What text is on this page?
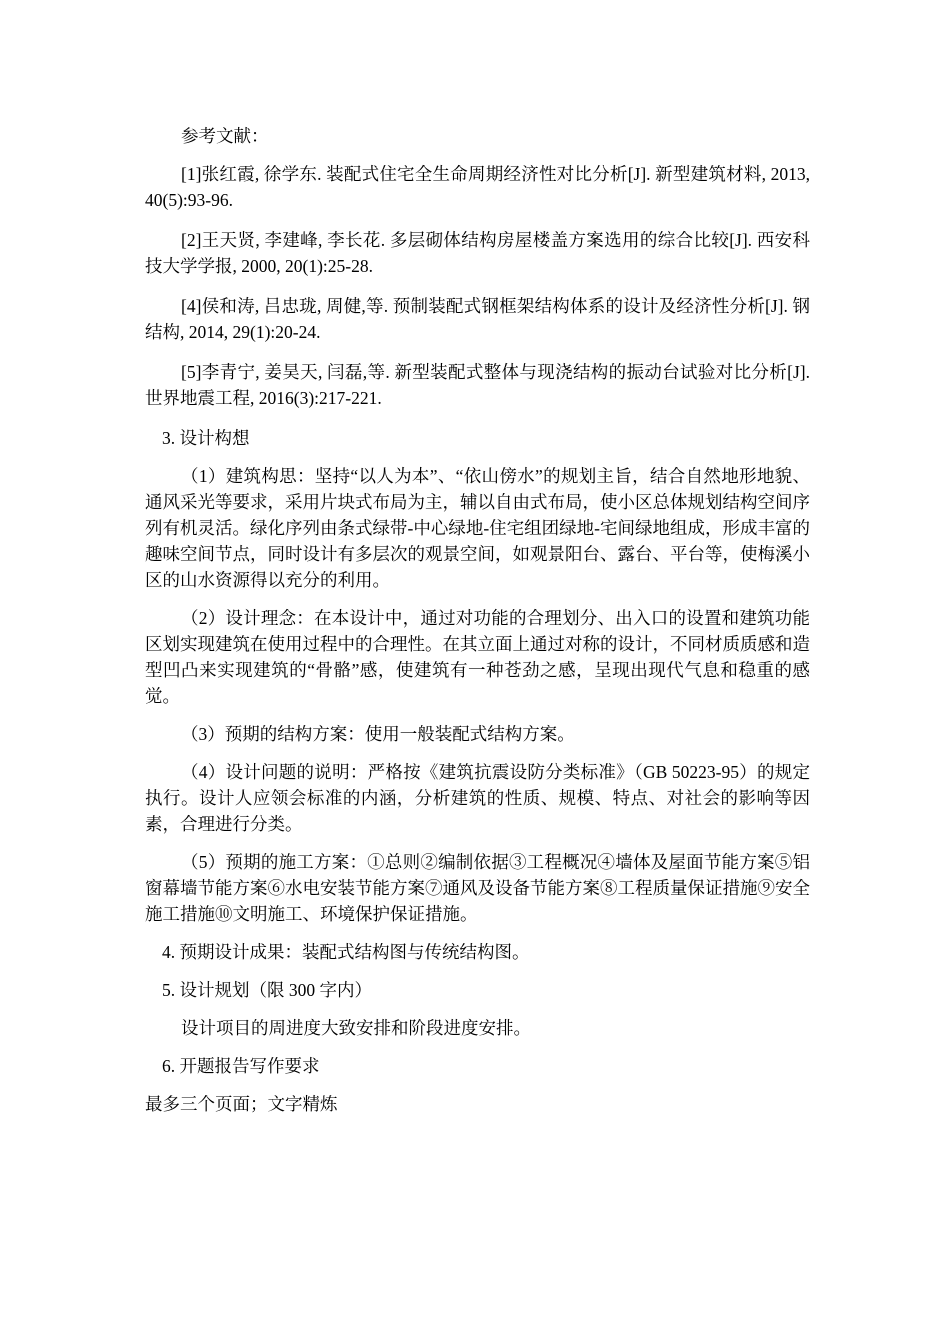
参考文献：

[1]张红霞, 徐学东. 装配式住宅全生命周期经济性对比分析[J]. 新型建筑材料, 2013, 40(5):93-96.

[2]王天贤, 李建峰, 李长花. 多层砌体结构房屋楼盖方案选用的综合比较[J]. 西安科技大学学报, 2000, 20(1):25-28.

[4]侯和涛, 吕忠珑, 周健,等. 预制装配式钢框架结构体系的设计及经济性分析[J]. 钢结构, 2014, 29(1):20-24.

[5]李青宁, 姜昊天, 闫磊,等. 新型装配式整体与现浇结构的振动台试验对比分析[J]. 世界地震工程, 2016(3):217-221.

3. 设计构想

（1）建筑构思：坚持“以人为本”、“依山傍水”的规划主旨，结合自然地形地貌、通风采光等要求，采用片块式布局为主，辅以自由式布局，使小区总体规划结构空间序列有机灵活。绿化序列由条式绿带-中心绿地-住宅组团绿地-宅间绿地组成，形成丰富的趣味空间节点，同时设计有多层次的观景空间，如观景阳台、露台、平台等，使梅溪小区的山水资源得以充分的利用。

（2）设计理念：在本设计中，通过对功能的合理划分、出入口的设置和建筑功能区划实现建筑在使用过程中的合理性。在其立面上通过对称的设计，不同材质质感和造型凹凸来实现建筑的“骨骼”感，使建筑有一种苍劲之感，呈现出现代气息和稳重的感觉。

（3）预期的结构方案：使用一般装配式结构方案。

（4）设计问题的说明：严格按《建筑抗震设防分类标准》（GB 50223-95）的规定执行。设计人应领会标准的内涵，分析建筑的性质、规模、特点、对社会的影响等因素，合理进行分类。

（5）预期的施工方案：①总则②编制依据③工程概况④墙体及屋面节能方案⑤铝窗幕墙节能方案⑥水电安装节能方案⑦通风及设备节能方案⑧工程质量保证措施⑨安全施工措施⑩文明施工、环境保护保证措施。

4. 预期设计成果：装配式结构图与传统结构图。

5. 设计规划（限 300 字内）

设计项目的周进度大致安排和阶段进度安排。

6. 开题报告写作要求

最多三个页面；文字精炼
